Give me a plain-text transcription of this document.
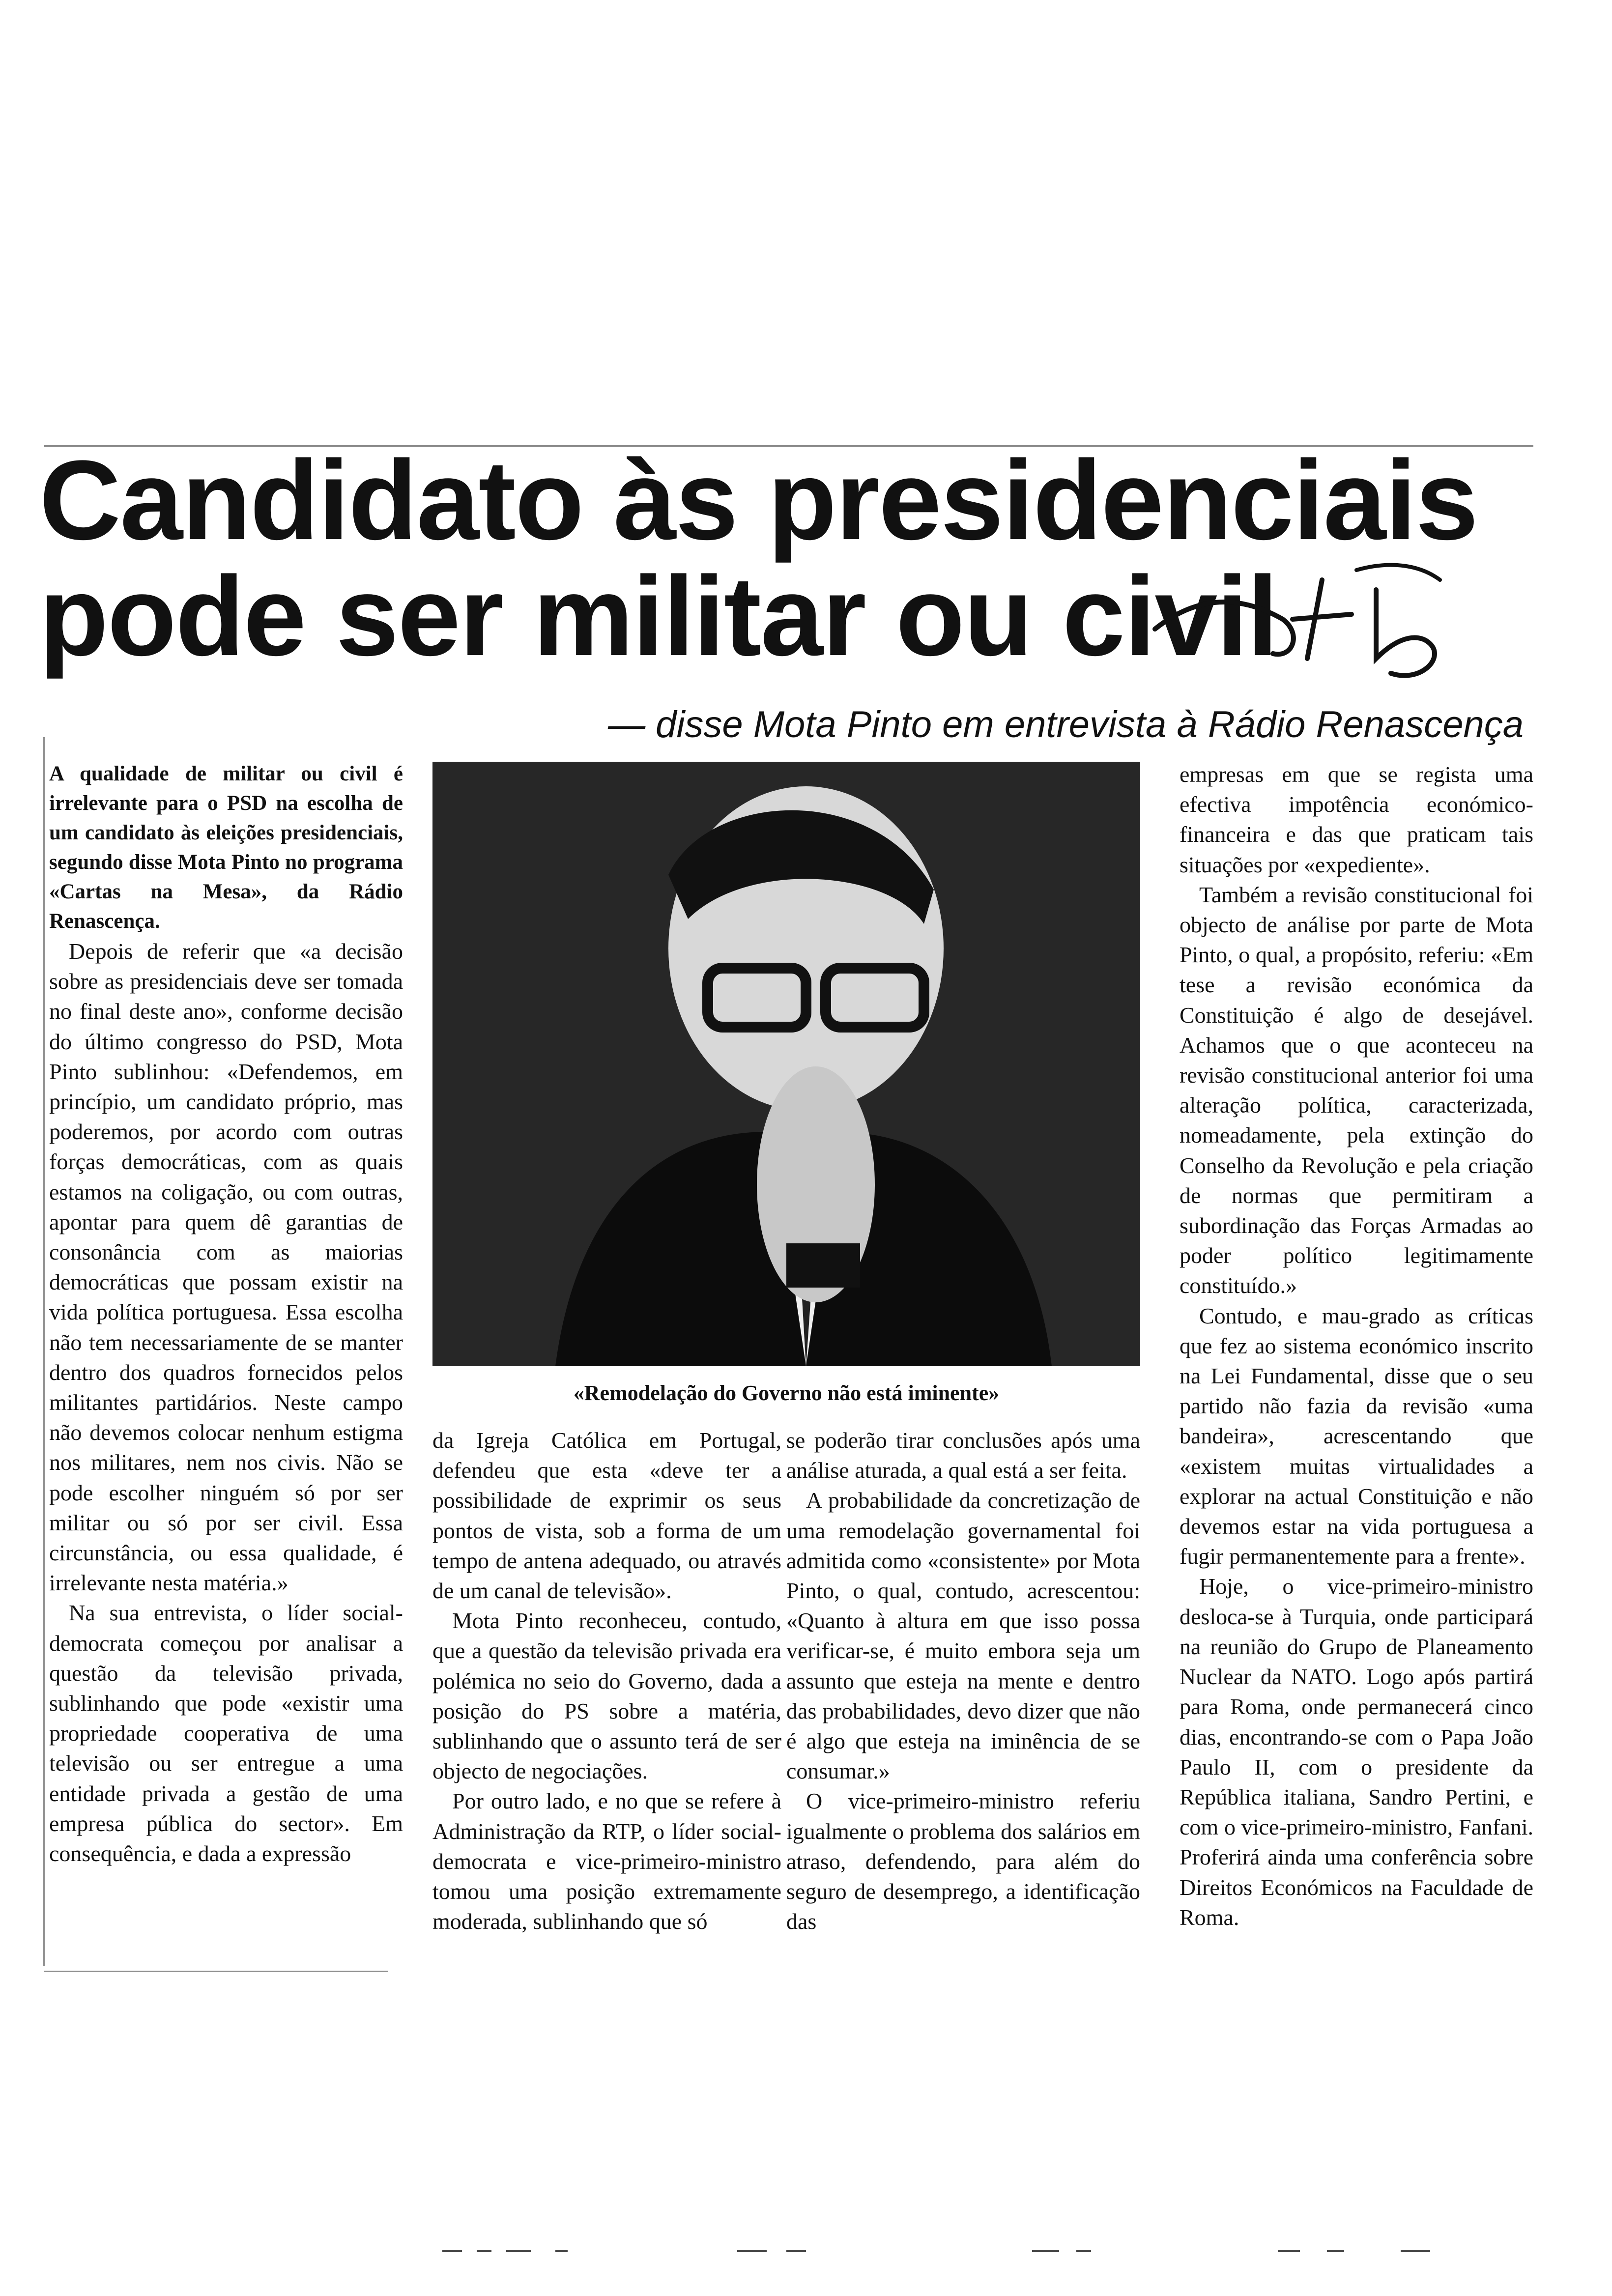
Candidato às presidenciais
pode ser militar ou civil
— disse Mota Pinto em entrevista à Rádio Renascença

A qualidade de militar ou civil é irrelevante para o PSD na escolha de um candidato às eleições presidenciais, segundo disse Mota Pinto no programa «Cartas na Mesa», da Rádio Renascença.

Depois de referir que «a decisão sobre as presidenciais deve ser tomada no final deste ano», conforme decisão do último congresso do PSD, Mota Pinto sublinhou: «Defendemos, em princípio, um candidato próprio, mas poderemos, por acordo com outras forças democráticas, com as quais estamos na coligação, ou com outras, apontar para quem dê garantias de consonância com as maiorias democráticas que possam existir na vida política portuguesa. Essa escolha não tem necessariamente de se manter dentro dos quadros fornecidos pelos militantes partidários. Neste campo não devemos colocar nenhum estigma nos militares, nem nos civis. Não se pode escolher ninguém só por ser militar ou só por ser civil. Essa circunstância, ou essa qualidade, é irrelevante nesta matéria.»

Na sua entrevista, o líder social-democrata começou por analisar a questão da televisão privada, sublinhando que pode «existir uma propriedade cooperativa de uma televisão ou ser entregue a uma entidade privada a gestão de uma empresa pública do sector». Em consequência, e dada a expressão

«Remodelação do Governo não está iminente»

da Igreja Católica em Portugal, defendeu que esta «deve ter a possibilidade de exprimir os seus pontos de vista, sob a forma de um tempo de antena adequado, ou através de um canal de televisão».

Mota Pinto reconheceu, contudo, que a questão da televisão privada era polémica no seio do Governo, dada a posição do PS sobre a matéria, sublinhando que o assunto terá de ser objecto de negociações.

Por outro lado, e no que se refere à Administração da RTP, o líder social-democrata e vice-primeiro-ministro tomou uma posição extremamente moderada, sublinhando que só

se poderão tirar conclusões após uma análise aturada, a qual está a ser feita.

A probabilidade da concretização de uma remodelação governamental foi admitida como «consistente» por Mota Pinto, o qual, contudo, acrescentou: «Quanto à altura em que isso possa verificar-se, é muito embora seja um assunto que esteja na mente e dentro das probabilidades, devo dizer que não é algo que esteja na iminência de se consumar.»

O vice-primeiro-ministro referiu igualmente o problema dos salários em atraso, defendendo, para além do seguro de desemprego, a identificação das

empresas em que se regista uma efectiva impotência económico-financeira e das que praticam tais situações por «expediente».

Também a revisão constitucional foi objecto de análise por parte de Mota Pinto, o qual, a propósito, referiu: «Em tese a revisão económica da Constituição é algo de desejável. Achamos que o que aconteceu na revisão constitucional anterior foi uma alteração política, caracterizada, nomeadamente, pela extinção do Conselho da Revolução e pela criação de normas que permitiram a subordinação das Forças Armadas ao poder político legitimamente constituído.»

Contudo, e mau-grado as críticas que fez ao sistema económico inscrito na Lei Fundamental, disse que o seu partido não fazia da revisão «uma bandeira», acrescentando que «existem muitas virtualidades a explorar na actual Constituição e não devemos estar na vida portuguesa a fugir permanentemente para a frente».

Hoje, o vice-primeiro-ministro desloca-se à Turquia, onde participará na reunião do Grupo de Planeamento Nuclear da NATO. Logo após partirá para Roma, onde permanecerá cinco dias, encontrando-se com o Papa João Paulo II, com o presidente da República italiana, Sandro Pertini, e com o vice-primeiro-ministro, Fanfani. Proferirá ainda uma conferência sobre Direitos Económicos na Faculdade de Roma.
